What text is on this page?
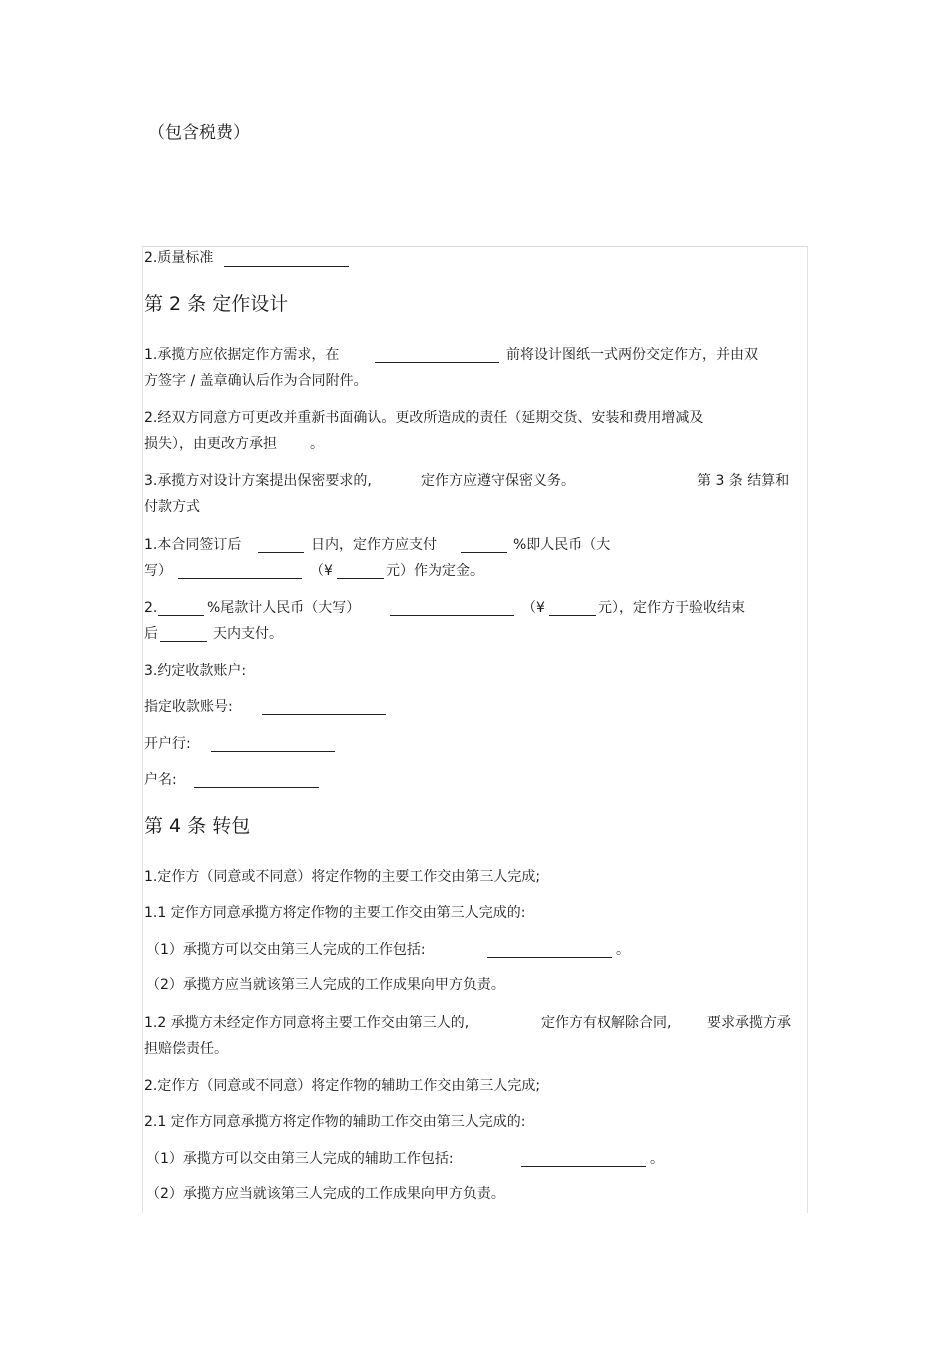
（包含税费）
2.质量标准
第 2 条 定作设计
1.承揽方应依据定作方需求，在	前将设计图纸一式两份交定作方，并由双
方签字 / 盖章确认后作为合同附件。
2.经双方同意方可更改并重新书面确认。更改所造成的责任（延期交货、安装和费用增减及
损失），由更改方承担 。
3.承揽方对设计方案提出保密要求的,	定作方应遵守保密义务。	第 3 条 结算和
付款方式
1.本合同签订后	日内，定作方应支付	%即人民币（大
写）	（¥	元）作为定金。
2.	%尾款计人民币（大写）	（¥	元），定作方于验收结束
后	天内支付。
3.约定收款账户:
指定收款账号:
开户行:
户名:
第 4 条 转包
1.定作方（同意或不同意）将定作物的主要工作交由第三人完成;
1.1 定作方同意承揽方将定作物的主要工作交由第三人完成的:
（1）承揽方可以交由第三人完成的工作包括:	。
（2）承揽方应当就该第三人完成的工作成果向甲方负责。
1.2 承揽方未经定作方同意将主要工作交由第三人的,	定作方有权解除合同,	要求承揽方承
担赔偿责任。
2.定作方（同意或不同意）将定作物的辅助工作交由第三人完成;
2.1 定作方同意承揽方将定作物的辅助工作交由第三人完成的:
（1）承揽方可以交由第三人完成的辅助工作包括:	。
（2）承揽方应当就该第三人完成的工作成果向甲方负责。
